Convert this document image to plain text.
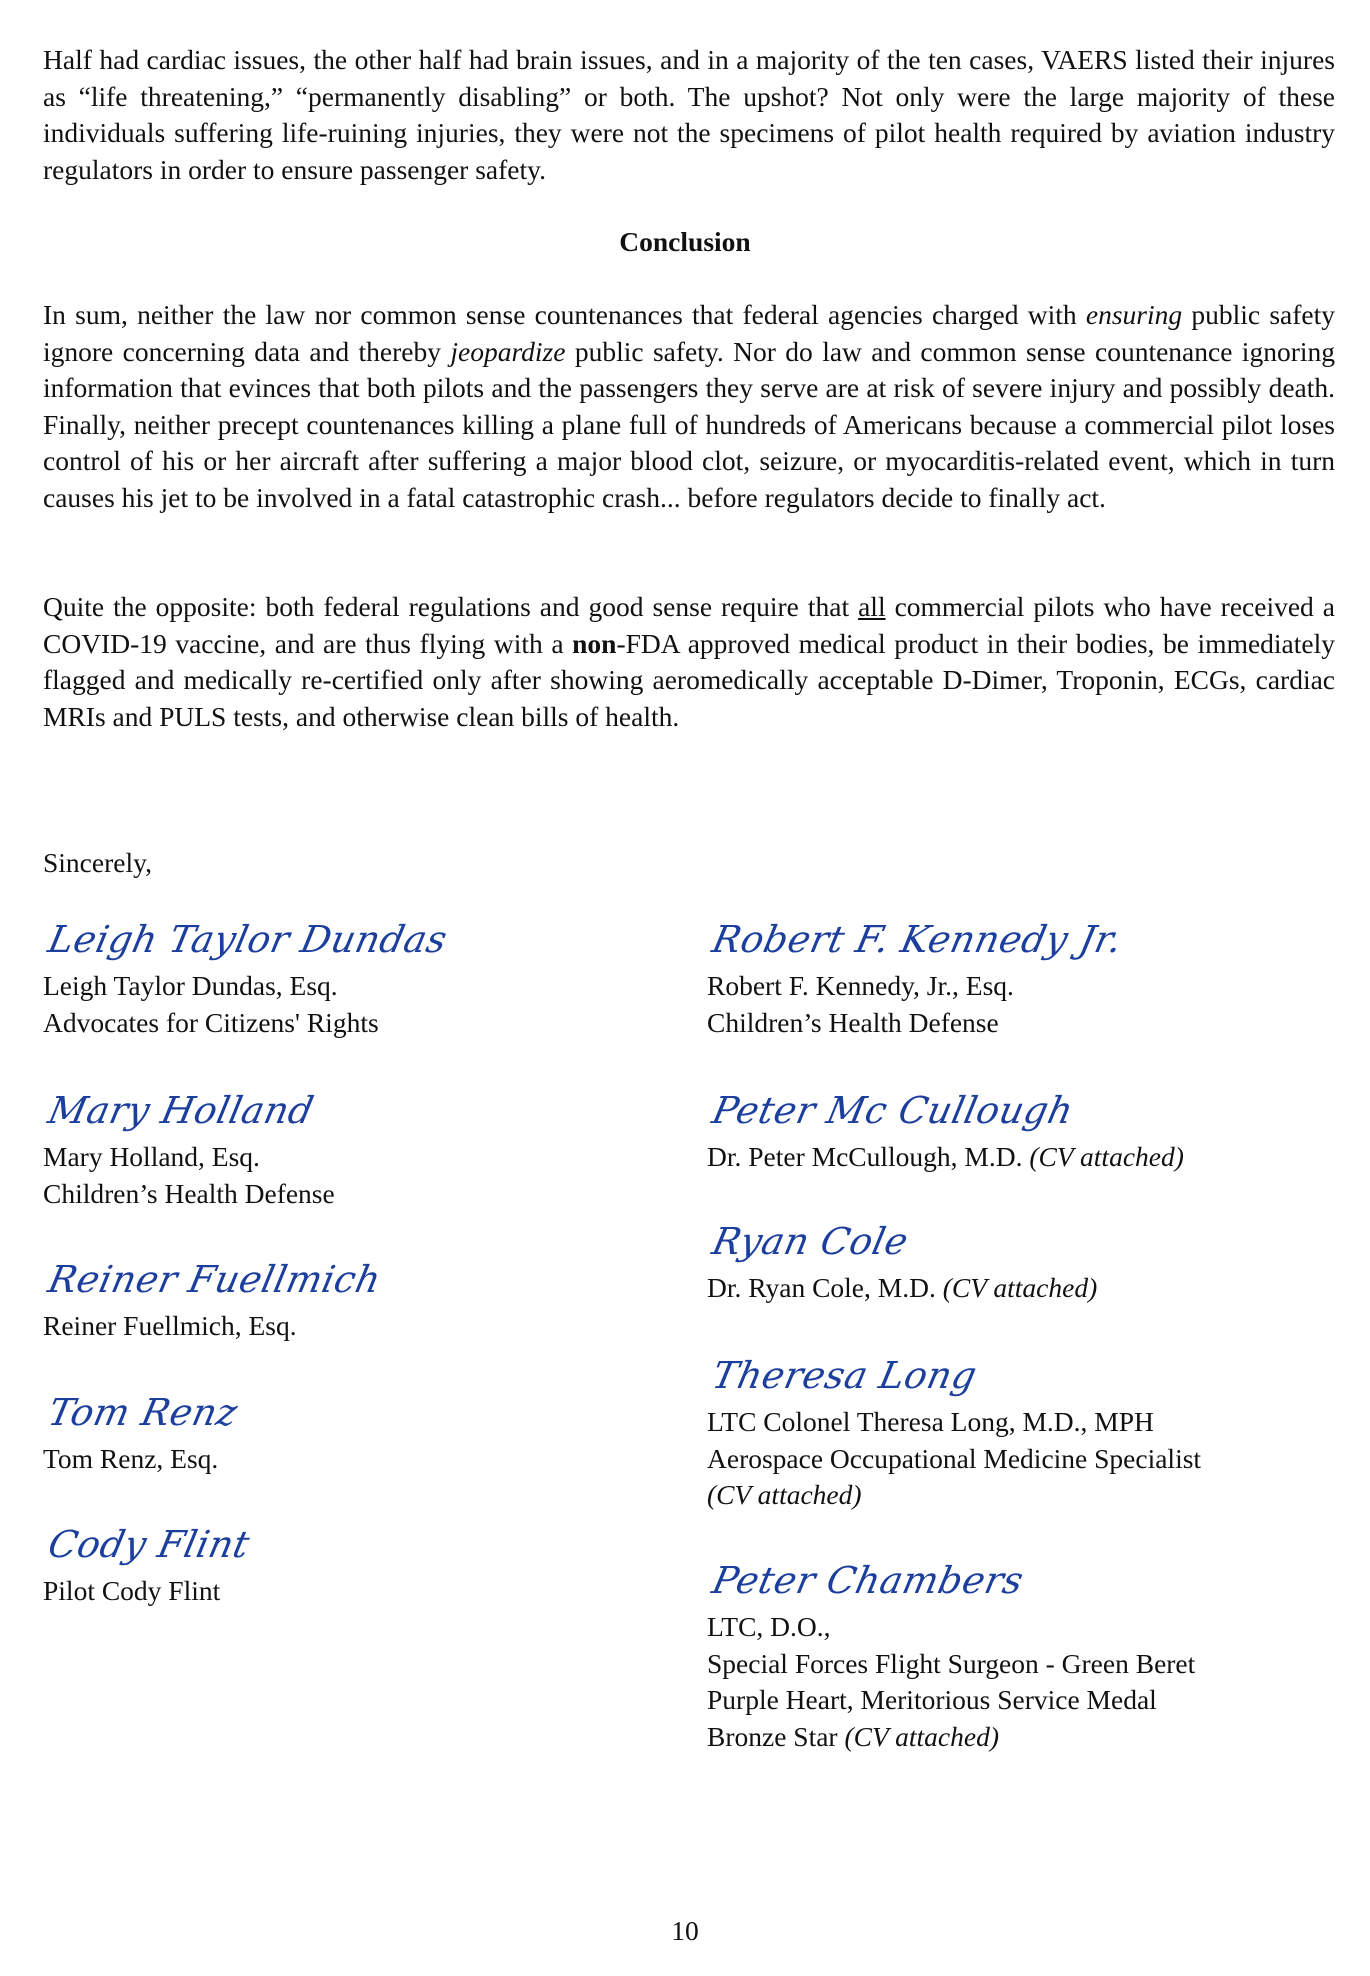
Half had cardiac issues, the other half had brain issues, and in a majority of the ten cases, VAERS listed their injures as “life threatening,” “permanently disabling” or both. The upshot? Not only were the large majority of these individuals suffering life-ruining injuries, they were not the specimens of pilot health required by aviation industry regulators in order to ensure passenger safety.

Conclusion

In sum, neither the law nor common sense countenances that federal agencies charged with ensuring public safety ignore concerning data and thereby jeopardize public safety. Nor do law and common sense countenance ignoring information that evinces that both pilots and the passengers they serve are at risk of severe injury and possibly death. Finally, neither precept countenances killing a plane full of hundreds of Americans because a commercial pilot loses control of his or her aircraft after suffering a major blood clot, seizure, or myocarditis-related event, which in turn causes his jet to be involved in a fatal catastrophic crash... before regulators decide to finally act.

Quite the opposite: both federal regulations and good sense require that all commercial pilots who have received a COVID-19 vaccine, and are thus flying with a non-FDA approved medical product in their bodies, be immediately flagged and medically re-certified only after showing aeromedically acceptable D-Dimer, Troponin, ECGs, cardiac MRIs and PULS tests, and otherwise clean bills of health.

Sincerely,
Leigh Taylor Dundas
Leigh Taylor Dundas, Esq.
Advocates for Citizens' Rights
Mary Holland
Mary Holland, Esq.
Children’s Health Defense
Reiner Fuellmich
Reiner Fuellmich, Esq.
Tom Renz
Tom Renz, Esq.
Cody Flint
Pilot Cody Flint
Robert F. Kennedy Jr.
Robert F. Kennedy, Jr., Esq.
Children’s Health Defense
Peter Mc Cullough
Dr. Peter McCullough, M.D. (CV attached)
Ryan Cole
Dr. Ryan Cole, M.D. (CV attached)
Theresa Long
LTC Colonel Theresa Long, M.D., MPH
Aerospace Occupational Medicine Specialist
(CV attached)
Peter Chambers
LTC, D.O.,
Special Forces Flight Surgeon - Green Beret
Purple Heart, Meritorious Service Medal
Bronze Star (CV attached)
10
